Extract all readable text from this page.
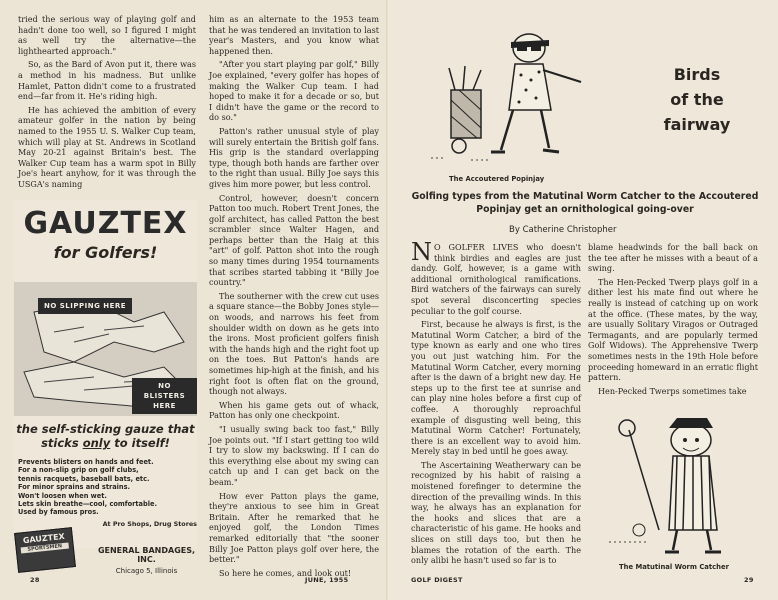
tried the serious way of playing golf and hadn't done too well, so I figured I might as well try the alternative—the lighthearted approach."

So, as the Bard of Avon put it, there was a method in his madness. But unlike Hamlet, Patton didn't come to a frustrated end—far from it. He's riding high.

He has achieved the ambition of every amateur golfer in the nation by being named to the 1955 U. S. Walker Cup team, which will play at St. Andrews in Scotland May 20-21 against Britain's best. The Walker Cup team has a warm spot in Billy Joe's heart anyhow, for it was through the USGA's naming

GAUZTEX
for Golfers!
NO SLIPPING HERE
NO BLISTERS
HERE
the self-sticking gauze that
sticks only to itself!
Prevents blisters on hands and feet.
For a non-slip grip on golf clubs,
tennis racquets, baseball bats, etc.
For minor sprains and strains.
Won't loosen when wet.
Lets skin breathe—cool, comfortable.
Used by famous pros.
At Pro Shops, Drug Stores
GAUZTEX
SPORTSMEN	GENERAL BANDAGES, INC.
Chicago 5, Illinois

him as an alternate to the 1953 team that he was tendered an invitation to last year's Masters, and you know what happened then.

"After you start playing par golf," Billy Joe explained, "every golfer has hopes of making the Walker Cup team. I had hoped to make it for a decade or so, but I didn't have the game or the record to do so."

Patton's rather unusual style of play will surely entertain the British golf fans. His grip is the standard overlapping type, though both hands are farther over to the right than usual. Billy Joe says this gives him more power, but less control.

Control, however, doesn't concern Patton too much. Robert Trent Jones, the golf architect, has called Patton the best scrambler since Walter Hagen, and perhaps better than the Haig at this "art" of golf. Patton shot into the rough so many times during 1954 tournaments that scribes started tabbing it "Billy Joe country."

The southerner with the crew cut uses a square stance—the Bobby Jones style—on woods, and narrows his feet from shoulder width on down as he gets into the irons. Most proficient golfers finish with the hands high and the right foot up on the toes. But Patton's hands are sometimes hip-high at the finish, and his right foot is often flat on the ground, though not always.

When his game gets out of whack, Patton has only one checkpoint.

"I usually swing back too fast," Billy Joe points out. "If I start getting too wild I try to slow my backswing. If I can do this everything else about my swing can catch up and I can get back on the beam."

How ever Patton plays the game, they're anxious to see him in Great Britain. After he remarked that he enjoyed golf, the London Times remarked editorially that "the sooner Billy Joe Patton plays golf over here, the better."

So here he comes, and look out!

28	JUNE, 1955
Birds
of the
fairway
The Accoutered Popinjay
Golfing types from the Matutinal Worm Catcher to the Accoutered Popinjay get an ornithological going-over
By Catherine Christopher

N O GOLFER LIVES who doesn't think birdies and eagles are just dandy. Golf, however, is a game with additional ornithological ramifications. Bird watchers of the fairways can surely spot several disconcerting species peculiar to the golf course.

First, because he always is first, is the Matutinal Worm Catcher, a bird of the type known as early and one who tires you out just watching him. For the Matutinal Worm Catcher, every morning after is the dawn of a bright new day. He steps up to the first tee at sunrise and can play nine holes before a first cup of coffee. A thoroughly reproachful example of disgusting well being, this Matutinal Worm Catcher! Fortunately, there is an excellent way to avoid him. Merely stay in bed until he goes away.

The Ascertaining Weatherwary can be recognized by his habit of raising a moistened forefinger to determine the direction of the prevailing winds. In this way, he always has an explanation for the hooks and slices that are a characteristic of his game. He hooks and slices on still days too, but then he blames the rotation of the earth. The only alibi he hasn't used so far is to

blame headwinds for the ball back on the tee after he misses with a beaut of a swing.

The Hen-Pecked Twerp plays golf in a dither lest his mate find out where he really is instead of catching up on work at the office. (These mates, by the way, are usually Solitary Viragos or Outraged Termagants, and are popularly termed Golf Widows). The Apprehensive Twerp sometimes nests in the 19th Hole before proceeding homeward in an erratic flight pattern.

Hen-Pecked Twerps sometimes take

The Matutinal Worm Catcher
GOLF DIGEST	29
